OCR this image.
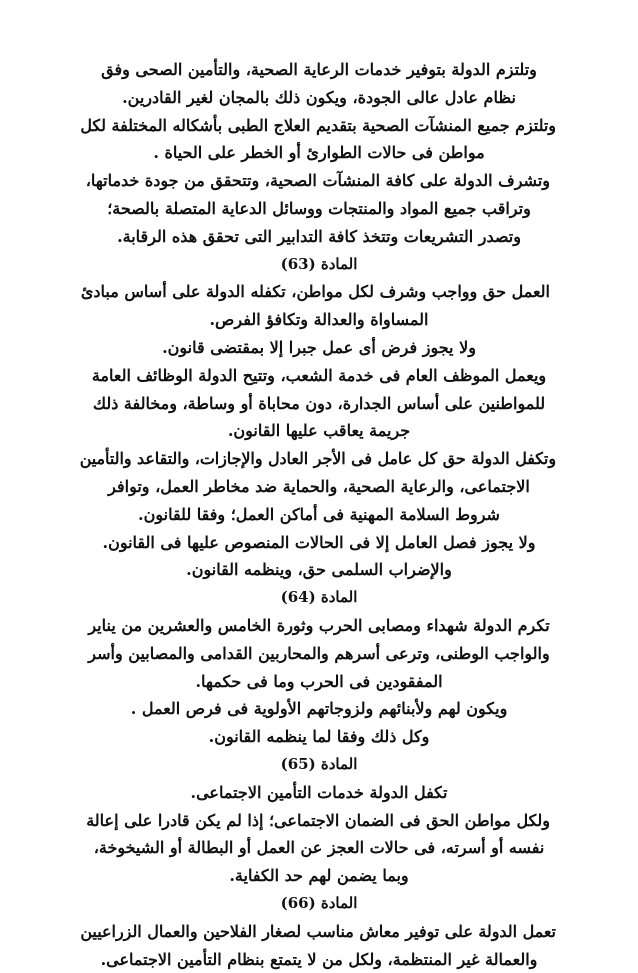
وتلتزم الدولة بتوفير خدمات الرعاية الصحية، والتأمين الصحى وفق
نظام عادل عالى الجودة، ويكون ذلك بالمجان لغير القادرين.
وتلتزم جميع المنشآت الصحية بتقديم العلاج الطبى بأشكاله المختلفة لكل
مواطن فى حالات الطوارئ أو الخطر على الحياة .
وتشرف الدولة على كافة المنشآت الصحية، وتتحقق من جودة خدماتها،
وتراقب جميع المواد والمنتجات ووسائل الدعاية المتصلة بالصحة؛
وتصدر التشريعات وتتخذ كافة التدابير التى تحقق هذه الرقابة.
المادة (63)
العمل حق وواجب وشرف لكل مواطن، تكفله الدولة على أساس مبادئ
المساواة والعدالة وتكافؤ الفرص.
ولا يجوز فرض أى عمل جبرا إلا بمقتضى قانون.
ويعمل الموظف العام فى خدمة الشعب، وتتيح الدولة الوظائف العامة
للمواطنين على أساس الجدارة، دون محاباة أو وساطة، ومخالفة ذلك
جريمة يعاقب عليها القانون.
وتكفل الدولة حق كل عامل فى الأجر العادل والإجازات، والتقاعد والتأمين
الاجتماعى، والرعاية الصحية، والحماية ضد مخاطر العمل، وتوافر
شروط السلامة المهنية فى أماكن العمل؛ وفقا للقانون.
ولا يجوز فصل العامل إلا فى الحالات المنصوص عليها فى القانون.
والإضراب السلمى حق، وينظمه القانون.
المادة (64)
تكرم الدولة شهداء ومصابى الحرب وثورة الخامس والعشرين من يناير
والواجب الوطنى، وترعى أسرهم والمحاربين القدامى والمصابين وأسر
المفقودين فى الحرب وما فى حكمها.
ويكون لهم ولأبنائهم ولزوجاتهم الأولوية فى فرص العمل .
وكل ذلك وفقا لما ينظمه القانون.
المادة (65)
تكفل الدولة خدمات التأمين الاجتماعى.
ولكل مواطن الحق فى الضمان الاجتماعى؛ إذا لم يكن قادرا على إعالة
نفسه أو أسرته، فى حالات العجز عن العمل أو البطالة أو الشيخوخة،
وبما يضمن لهم حد الكفاية.
المادة (66)
تعمل الدولة على توفير معاش مناسب لصغار الفلاحين والعمال الزراعيين
والعمالة غير المنتظمة، ولكل من لا يتمتع بنظام التأمين الاجتماعى.
